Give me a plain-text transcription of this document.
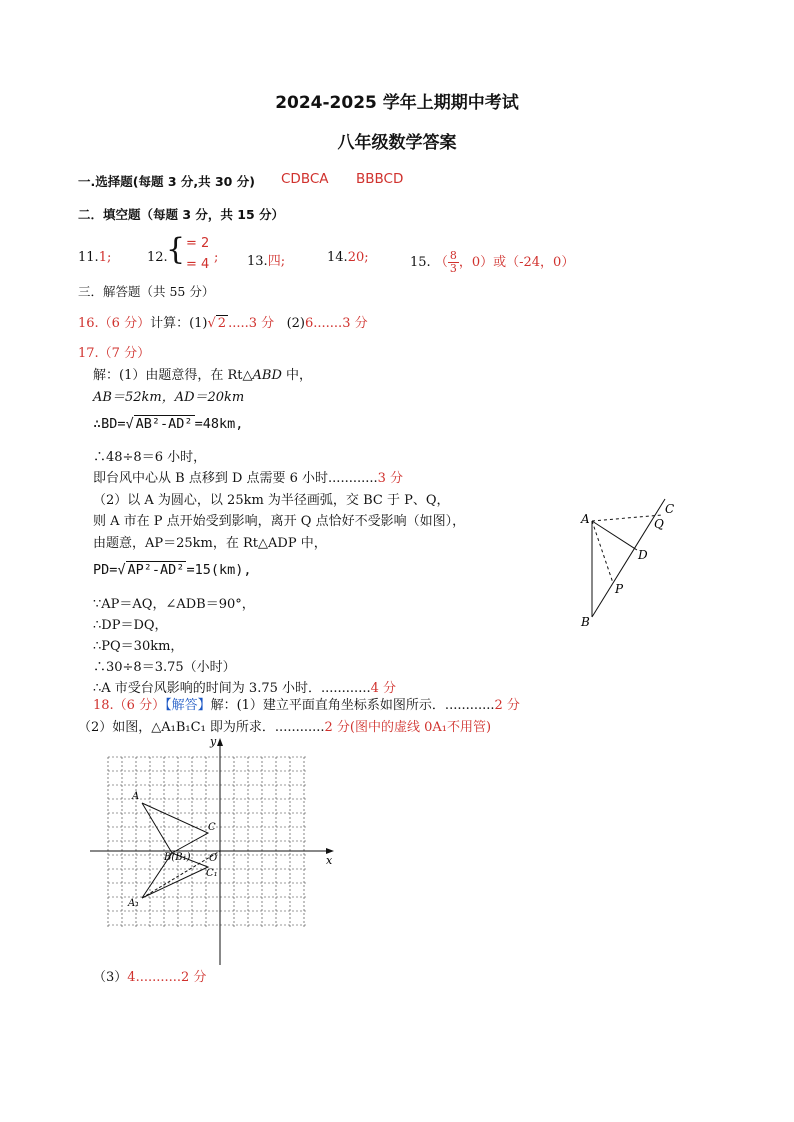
2024-2025 学年上期期中考试
八年级数学答案
一.选择题(每题 3 分,共 30 分) CDBCA BBBCD
二．填空题（每题 3 分，共 15 分）
11.1;	12.
{ = 2
= 4 ; 13.四;	14.20;	15. （ $\frac{8}{3}$ ，0）或（-24，0）
三．解答题（共 55 分）
16.（6 分）计算：(1)√ 2 .....3 分 (2)6.......3 分
17.（7 分）
解：(1）由题意得，在 Rt△ABD 中，
AB＝52km，AD＝20km
∴BD=√ AB²-AD² =48km,
∴48÷8＝6 小时，
即台风中心从 B 点移到 D 点需要 6 小时............3 分
（2）以 A 为圆心，以 25km 为半径画弧，交 BC 于 P、Q，
则 A 市在 P 点开始受到影响，离开 Q 点恰好不受影响（如图），
由题意，AP＝25km，在 Rt△ADP 中，
PD=√ AP²-AD² =15(km),
∵AP＝AQ，∠ADB＝90°，
∴DP＝DQ，
∴PQ＝30km，
∴30÷8＝3.75（小时）
∴A 市受台风影响的时间为 3.75 小时．............4 分
A
C
Q
D
P
B
18.（6 分）【解答】解：(1）建立平面直角坐标系如图所示．............2 分
（2）如图，△A₁B₁C₁ 即为所求．............2 分(图中的虚线 0A₁不用管)
y
x
A
C
B(B₁) O
C₁
A₁
（3）4...........2 分
